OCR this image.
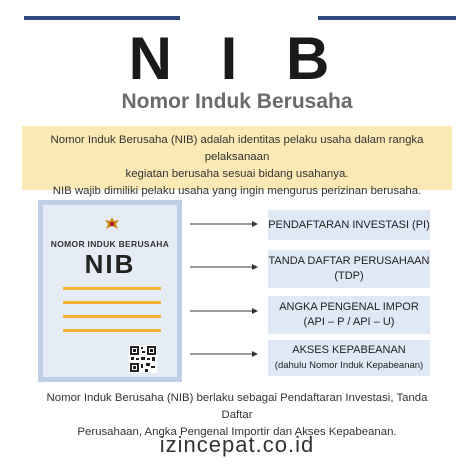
N I B
Nomor Induk Berusaha

Nomor Induk Berusaha (NIB) adalah identitas pelaku usaha dalam rangka pelaksanaan

kegiatan berusaha sesuai bidang usahanya.

NIB wajib dimiliki pelaku usaha yang ingin mengurus perizinan berusaha.

NOMOR INDUK BERUSAHA
NIB
PENDAFTARAN INVESTASI (PI)
TANDA DAFTAR PERUSAHAAN
(TDP)
ANGKA PENGENAL IMPOR
(API – P / API – U)
AKSES KEPABEANAN
(dahulu Nomor Induk Kepabeanan)

Nomor Induk Berusaha (NIB) berlaku sebagai Pendaftaran Investasi, Tanda Daftar

Perusahaan, Angka Pengenal Importir dan Akses Kepabeanan.

izincepat.co.id
